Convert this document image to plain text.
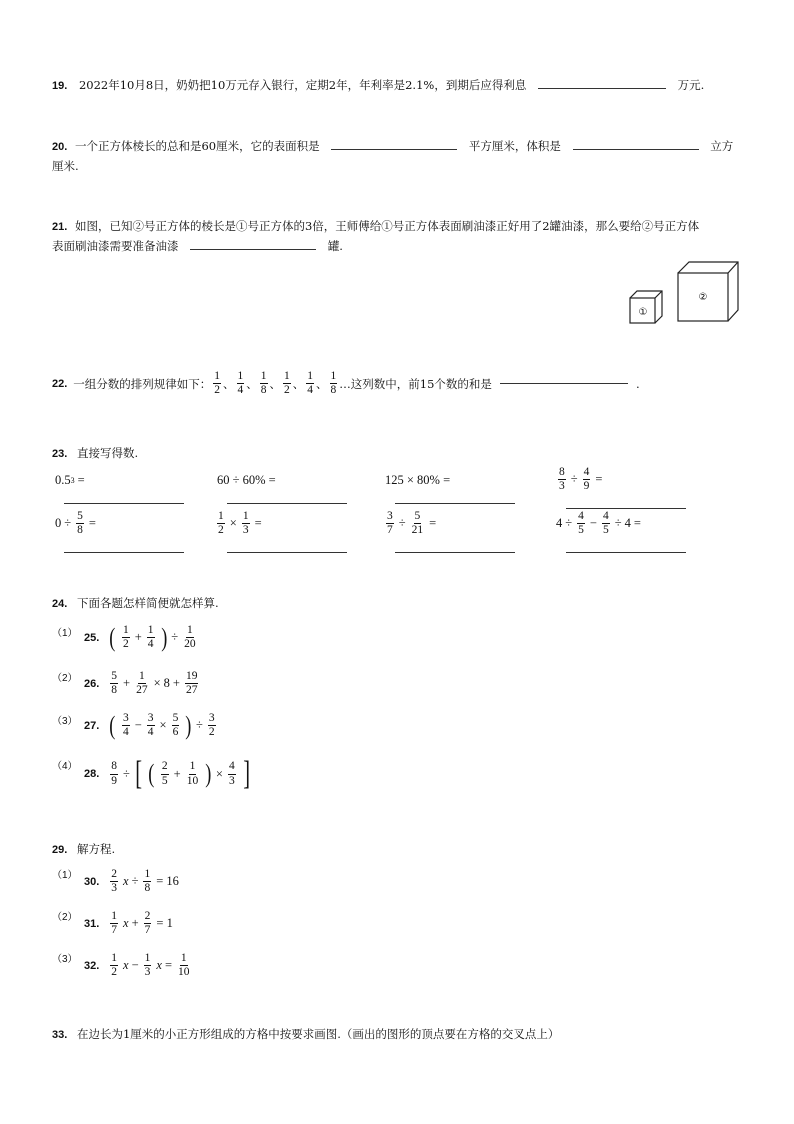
19. 2022年10月8日，奶奶把10万元存入银行，定期2年，年利率是2.1%，到期后应得利息	万元.
20. 一个正方体棱长的总和是60厘米，它的表面积是	平方厘米，体积是	立方
厘米.
21. 如图，已知②号正方体的棱长是①号正方体的3倍，王师傅给①号正方体表面刷油漆正好用了2罐油漆，那么要给②号正方体
表面刷油漆需要准备油漆	罐.
①
②
22. 一组分数的排列规律如下： $\frac{1}{2}$ 、 $\frac{1}{4}$ 、 $\frac{1}{8}$ 、 $\frac{1}{2}$ 、 $\frac{1}{4}$ 、 $\frac{1}{8}$ …这列数中，前15个数的和是	.
23. 直接写得数.
0.5 3 =	60 ÷ 60% =	125 × 80% =	$\frac{8}{3} \div \frac{4}{9}$ =
$0 \div \frac{5}{8}$ =	$\frac{1}{2} \times \frac{1}{3}$ =	$\frac{3}{7} \div \frac{5}{21}$ =	$4 \div \frac{4}{5} - \frac{4}{5} \div 4$ =
24. 下面各题怎样简便就怎样算.
（1） 25. ( $\frac{1}{2} + \frac{1}{4}$ ) ÷ $\frac{1}{20}$
（2） 26. $\frac{5}{8} + \frac{1}{27} \times 8 + \frac{19}{27}$
（3） 27. ( $\frac{3}{4} - \frac{3}{4} \times \frac{5}{6}$ ) ÷ $\frac{3}{2}$
（4）
28. $\frac{8}{9}$ ÷ [ ( $\frac{2}{5} + \frac{1}{10}$ ) × $\frac{4}{3}$ ]
29. 解方程.
（1）
30. $\frac{2}{3}$ $x \div \frac{1}{8} = 16$
（2）
31. $\frac{1}{7}$ $x + \frac{2}{7} = 1$
（3）
32. $\frac{1}{2}$ $x - \frac{1}{3}$ $x = \frac{1}{10}$
33. 在边长为1厘米的小正方形组成的方格中按要求画图.（画出的图形的顶点要在方格的交叉点上）
